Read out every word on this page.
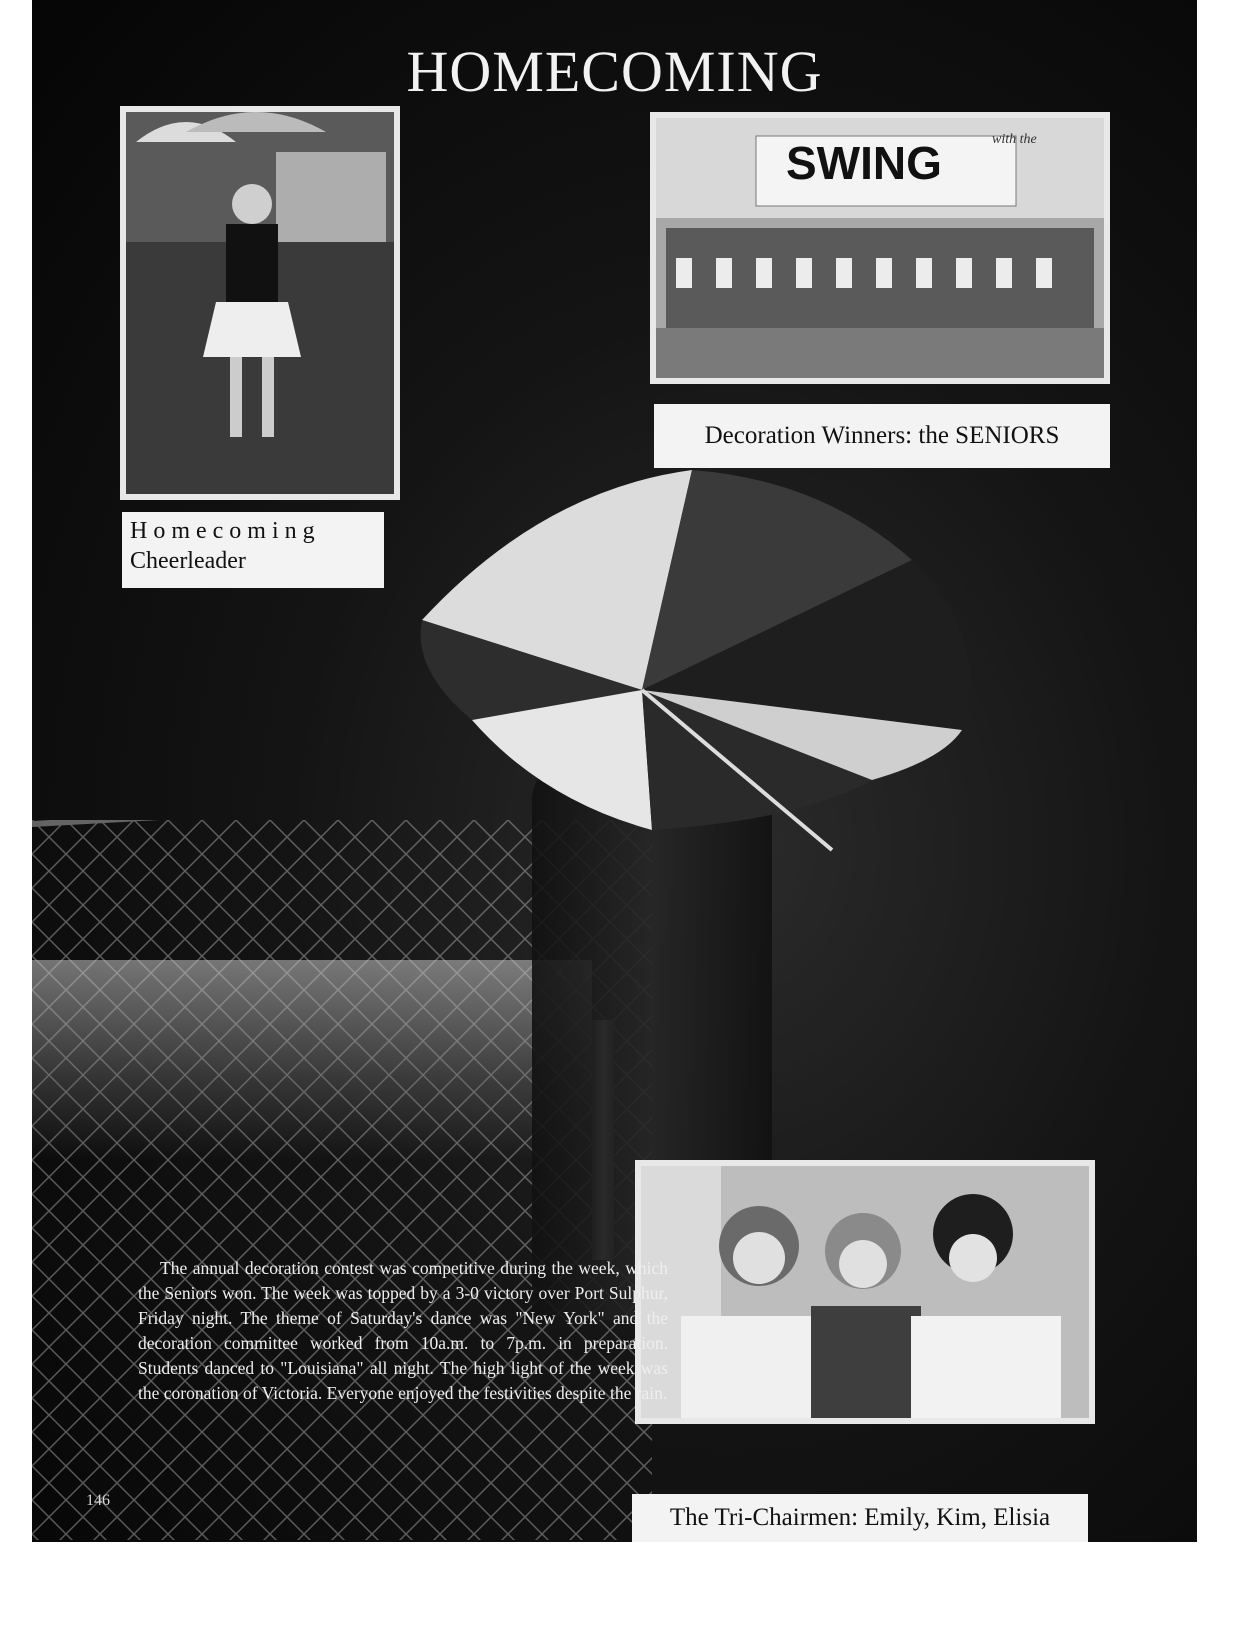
HOMECOMING
H o m e c o m i n g
Cheerleader
SWING	with the
Decoration Winners: the SENIORS
The Tri-Chairmen: Emily, Kim, Elisia
The annual decoration contest was competitive during the week, which the Seniors won. The week was topped by a 3-0 victory over Port Sulphur, Friday night. The theme of Saturday's dance was "New York" and the decoration committee worked from 10a.m. to 7p.m. in preparation. Students danced to "Louisiana" all night. The high light of the week was the coronation of Victoria. Everyone enjoyed the festivities despite the rain.
146
